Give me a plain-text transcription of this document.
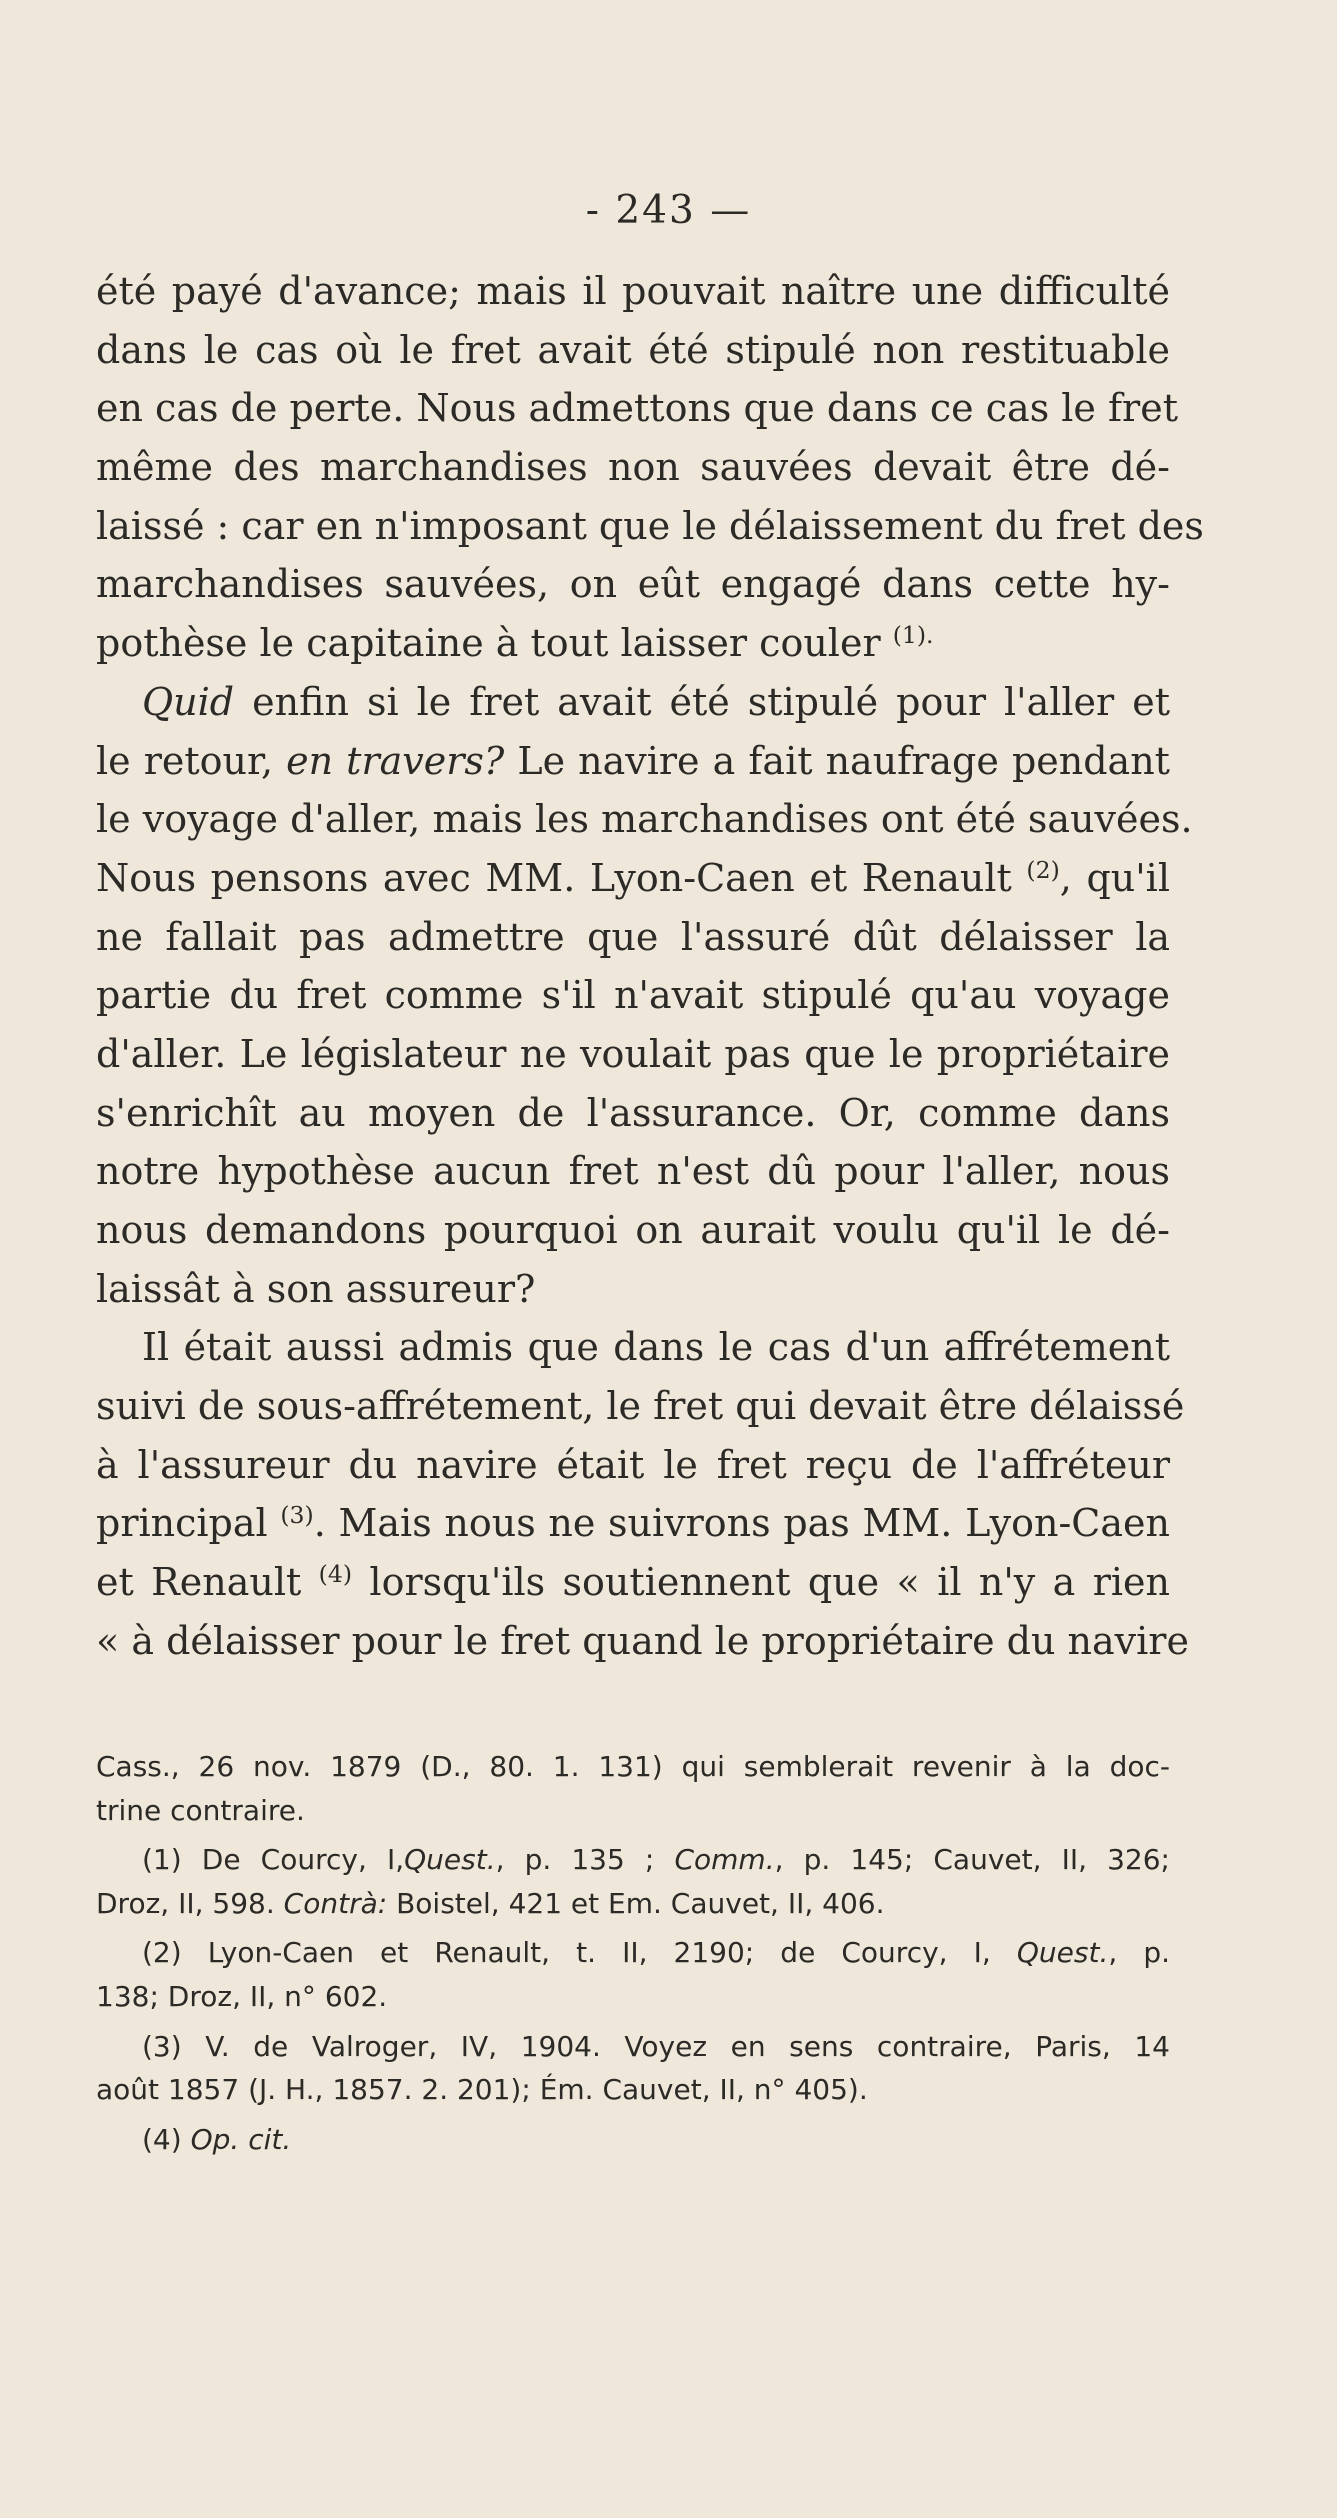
- 243 —
été payé d'avance; mais il pouvait naître une difficulté
dans le cas où le fret avait été stipulé non restituable
en cas de perte. Nous admettons que dans ce cas le fret
même des marchandises non sauvées devait être dé-
laissé : car en n'imposant que le délaissement du fret des
marchandises sauvées, on eût engagé dans cette hy-
pothèse le capitaine à tout laisser couler $^{(1).}$
Quid enfin si le fret avait été stipulé pour l'aller et
le retour, en travers? Le navire a fait naufrage pendant
le voyage d'aller, mais les marchandises ont été sauvées.
Nous pensons avec MM. Lyon-Caen et Renault $^{(2)}$, qu'il
ne fallait pas admettre que l'assuré dût délaisser la
partie du fret comme s'il n'avait stipulé qu'au voyage
d'aller. Le législateur ne voulait pas que le propriétaire
s'enrichît au moyen de l'assurance. Or, comme dans
notre hypothèse aucun fret n'est dû pour l'aller, nous
nous demandons pourquoi on aurait voulu qu'il le dé-
laissât à son assureur?
Il était aussi admis que dans le cas d'un affrétement
suivi de sous-affrétement, le fret qui devait être délaissé
à l'assureur du navire était le fret reçu de l'affréteur
principal $^{(3)}$. Mais nous ne suivrons pas MM. Lyon-Caen
et Renault $^{(4)}$ lorsqu'ils soutiennent que « il n'y a rien
« à délaisser pour le fret quand le propriétaire du navire
Cass., 26 nov. 1879 (D., 80. 1. 131) qui semblerait revenir à la doc-
trine contraire.
(1) De Courcy, I,Quest., p. 135 ; Comm., p. 145; Cauvet, II, 326;
Droz, II, 598. Contrà: Boistel, 421 et Em. Cauvet, II, 406.
(2) Lyon-Caen et Renault, t. II, 2190; de Courcy, I, Quest., p.
138; Droz, II, n° 602.
(3) V. de Valroger, IV, 1904. Voyez en sens contraire, Paris, 14
août 1857 (J. H., 1857. 2. 201); Ém. Cauvet, II, n° 405).
(4) Op. cit.
